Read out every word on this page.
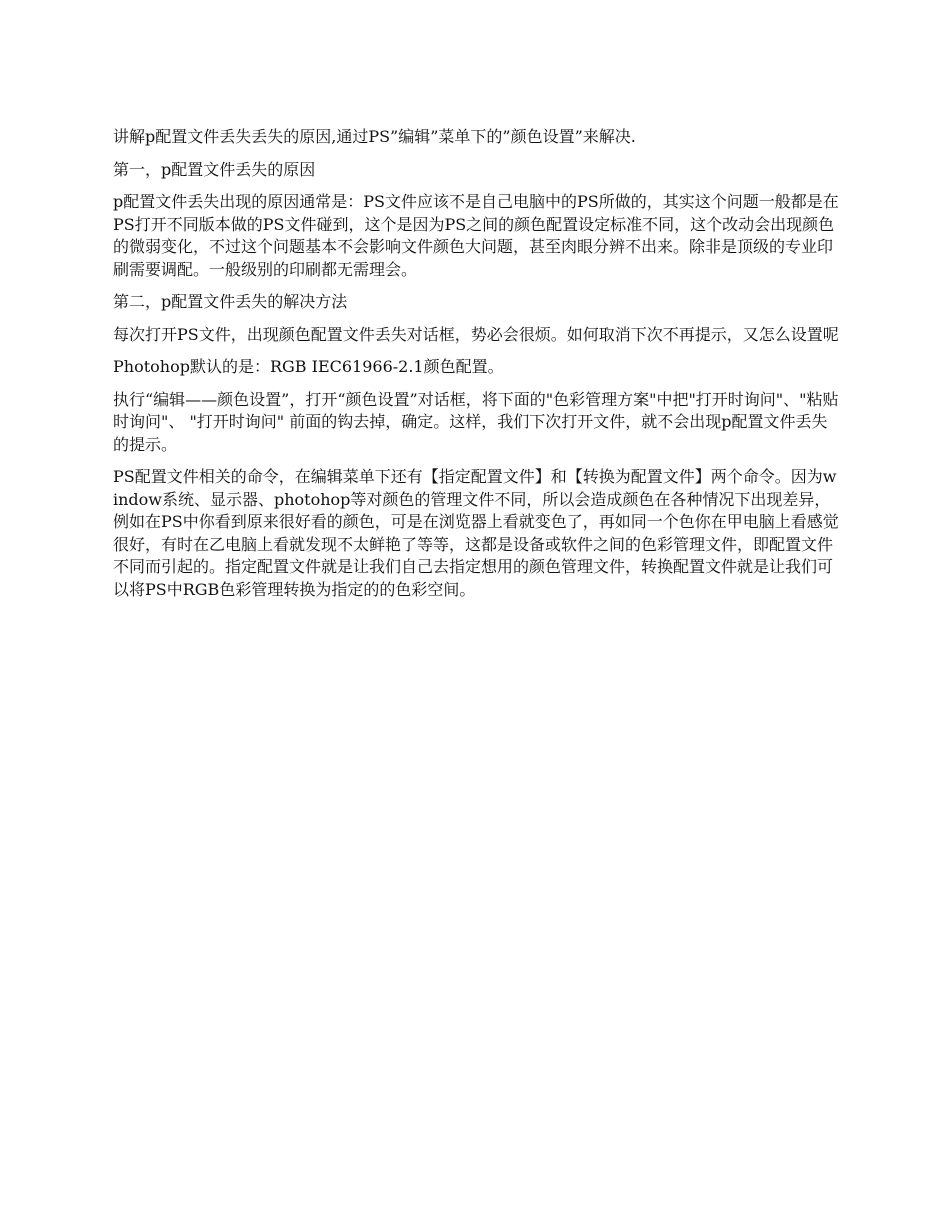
讲解p配置文件丢失丢失的原因,通过PS”编辑”菜单下的”颜色设置”来解决.

第一，p配置文件丢失的原因

p配置文件丢失出现的原因通常是：PS文件应该不是自己电脑中的PS所做的，其实这个问题一般都是在PS打开不同版本做的PS文件碰到，这个是因为PS之间的颜色配置设定标准不同，这个改动会出现颜色的微弱变化，不过这个问题基本不会影响文件颜色大问题，甚至肉眼分辨不出来。除非是顶级的专业印刷需要调配。一般级别的印刷都无需理会。

第二，p配置文件丢失的解决方法

每次打开PS文件，出现颜色配置文件丢失对话框，势必会很烦。如何取消下次不再提示，又怎么设置呢

Photohop默认的是：RGB IEC61966-2.1颜色配置。

执行“编辑——颜色设置”，打开“颜色设置”对话框，将下面的"色彩管理方案"中把"打开时询问"、"粘贴时询问"、 "打开时询问" 前面的钩去掉，确定。这样，我们下次打开文件，就不会出现p配置文件丢失的提示。

PS配置文件相关的命令，在编辑菜单下还有【指定配置文件】和【转换为配置文件】两个命令。因为window系统、显示器、photohop等对颜色的管理文件不同，所以会造成颜色在各种情况下出现差异，例如在PS中你看到原来很好看的颜色，可是在浏览器上看就变色了，再如同一个色你在甲电脑上看感觉很好，有时在乙电脑上看就发现不太鲜艳了等等，这都是设备或软件之间的色彩管理文件，即配置文件不同而引起的。指定配置文件就是让我们自己去指定想用的颜色管理文件，转换配置文件就是让我们可以将PS中RGB色彩管理转换为指定的的色彩空间。
